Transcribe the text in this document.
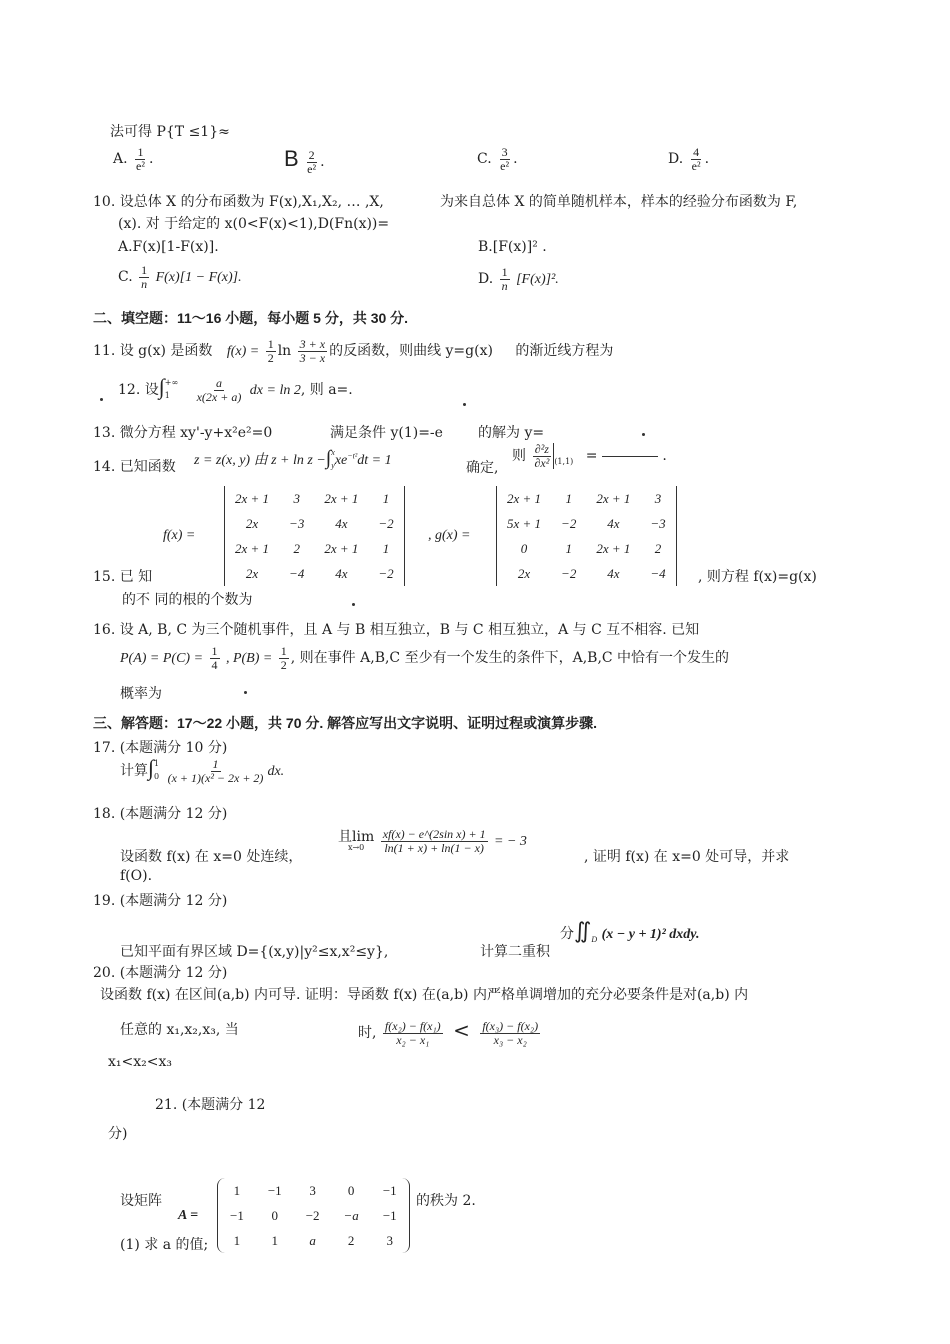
法可得 P{T ≤1}≈
A. $\frac{1}{\text{e²}}$ .	B $\frac{2}{\text{e²}}$ .	C. $\frac{3}{\text{e²}}$ .	D. $\frac{4}{\text{e²}}$ .
10. 设总体 X 的分布函数为 F(x),X₁,X₂, … ,X,	为来自总体 X 的简单随机样本，样本的经验分布函数为 F,
(x). 对 于给定的 x(0<F(x)<1),D(Fn(x))=
A.F(x)[1-F(x)].	B.[F(x)]² .
C. $\frac{1}{n} F(x)[1 - F(x)]$.	D. $\frac{1}{n} [F(x)]^2$.
二、填空题：11～16 小题，每小题 5 分，共 30 分.
11. 设 g(x) 是函数 $f(x) = \frac{1}{2}$ $\ln \frac{3 + x}{3 - x}$ 的反函数，则曲线 y=g(x) 的渐近线方程为
12. 设∫ +∞
1
	$\frac{a}{x(2x + a)}$ dx = ln 2, 则 a=.
13. 微分方程 xy'-y+x²e²=0	满足条件 y(1)=-e	的解为 y=
14. 已知函数 z = z(x, y) 由 z + ln z −∫ x
y $xe^{-t^2}dt = 1$	确定,
则 $\frac{\text{∂²z}}{\text{∂x²}} _{(1,1)}$ =	.
f(x) =
2x + 1	3	2x + 1	1
2x	−3	4x	−2
2x + 1	2	2x + 1	1
2x	−4	4x	−2
, g(x) =
2x + 1	1	2x + 1	3
5x + 1	−2	4x	−3
0	1	2x + 1	2
2x	−2	4x	−4
15. 已 知	, 则方程 f(x)=g(x)
的不 同的根的个数为
16. 设 A, B, C 为三个随机事件，且 A 与 B 相互独立，B 与 C 相互独立，A 与 C 互不相容. 已知
$P(A) = P(C) = \frac{1}{4}$ , $P(B) = \frac{1}{2}$ , 则在事件 A,B,C 至少有一个发生的条件下，A,B,C 中恰有一个发生的
概率为
三、解答题：17～22 小题，共 70 分. 解答应写出文字说明、证明过程或演算步骤.
17. (本题满分 10 分)
计算∫ 1
0
$\frac{1}{\text{(x + 1)(x² − 2x + 2)}}$ dx.
18. (本题满分 12 分)
设函数 f(x) 在 x=0 处连续，
且lim
x→0
$\frac{\text{xf(x) − e\textasciicircum{}(2sin x) + 1}}{\ln(1 + x) + \ln(1 - x)}$ = − 3
, 证明 f(x) 在 x=0 处可导，并求
f(O).
19. (本题满分 12 分)
已知平面有界区域 D={(x,y)|y²≤x,x²≤y},	计算二重积
分$∬_D$ (x − y + 1)² dxdy.
20. (本题满分 12 分)
设函数 f(x) 在区间(a,b) 内可导. 证明：导函数 f(x) 在(a,b) 内严格单调增加的充分必要条件是对(a,b) 内
任意的 x₁,x₂,x₃, 当
x₁<x₂<x₃
时, $\frac{\text{f(x₂) − f(x₁)}}{\text{x₂ − x₁}} < \frac{\text{f(x₃) − f(x₂)}}{\text{x₃ − x₂}}$
21. (本题满分 12
分)
设矩阵
A =
1	−1	3	0	−1
−1	0	−2	−a	−1
1	1	a	2	3
的秩为 2.
(1) 求 a 的值;
